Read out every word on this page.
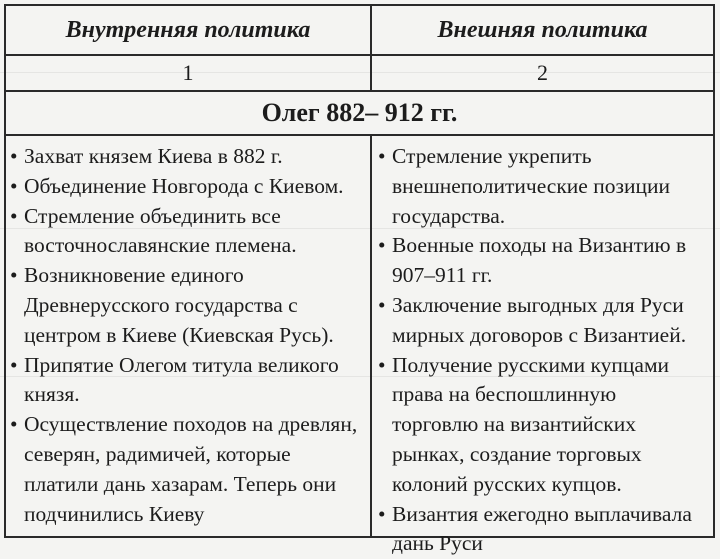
Внутренняя политика	Внешняя политика
1	2
Олег 882– 912 гг.
• Захват князем Киева в 882 г.
• Объединение Новгорода с Киевом.
• Стремление объединить все восточнославянские племена.
• Возникновение единого Древнерусского государства с центром в Киеве (Киевская Русь).
• Припятие Олегом титула великого князя.
• Осуществление походов на древлян, северян, радимичей, которые платили дань хазарам. Теперь они подчинились Киеву
• Стремление укрепить внешнеполитические позиции государства.
• Военные походы на Византию в 907–911 гг.
• Заключение выгодных для Руси мирных договоров с Византией.
• Получение русскими купцами права на беспошлинную торговлю на византийских рынках, создание торговых колоний русских купцов.
• Византия ежегодно выплачивала дань Руси
